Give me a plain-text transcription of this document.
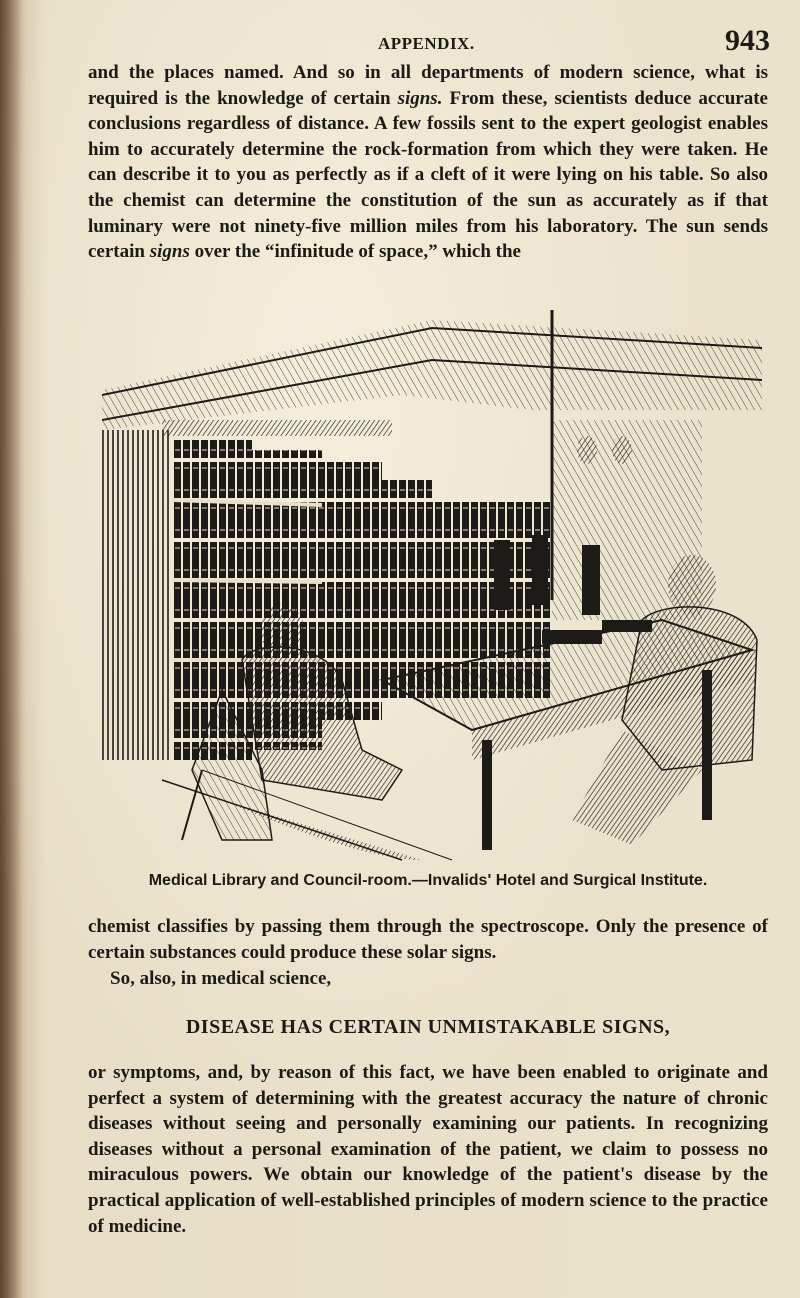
APPENDIX.	943

and the places named. And so in all departments of modern science, what is required is the knowledge of certain signs. From these, scientists deduce accurate conclusions regardless of distance. A few fossils sent to the expert geologist enables him to accurately determine the rock-formation from which they were taken. He can describe it to you as perfectly as if a cleft of it were lying on his table. So also the chemist can determine the constitution of the sun as accurately as if that luminary were not ninety-five million miles from his laboratory. The sun sends certain signs over the “infinitude of space,” which the

Medical Library and Council-room.—Invalids' Hotel and Surgical Institute.

chemist classifies by passing them through the spectroscope. Only the presence of certain substances could produce these solar signs.

So, also, in medical science,

DISEASE HAS CERTAIN UNMISTAKABLE SIGNS,

or symptoms, and, by reason of this fact, we have been enabled to originate and perfect a system of determining with the greatest accuracy the nature of chronic diseases without seeing and personally examining our patients. In recognizing diseases without a personal examination of the patient, we claim to possess no miraculous powers. We obtain our knowledge of the patient's disease by the practical application of well-established principles of modern science to the practice of medicine.
